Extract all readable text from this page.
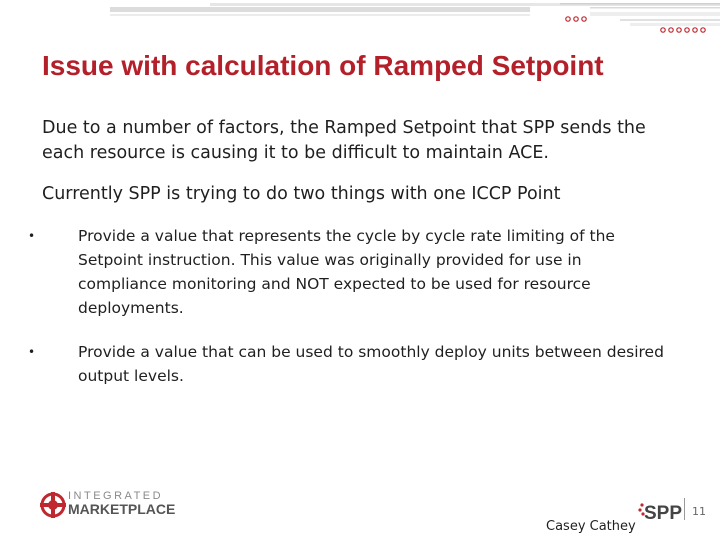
Issue with calculation of Ramped Setpoint
Due to a number of factors, the Ramped Setpoint that SPP sends the each resource is causing it to be difficult to maintain ACE.
Currently SPP is trying to do two things with one ICCP Point
•	Provide a value that represents the cycle by cycle rate limiting of the Setpoint instruction. This value was originally provided for use in compliance monitoring and NOT expected to be used for resource deployments.
•	Provide a value that can be used to smoothly deploy units between desired output levels.
INTEGRATED
MARKETPLACE	SPP 11
Casey Cathey
